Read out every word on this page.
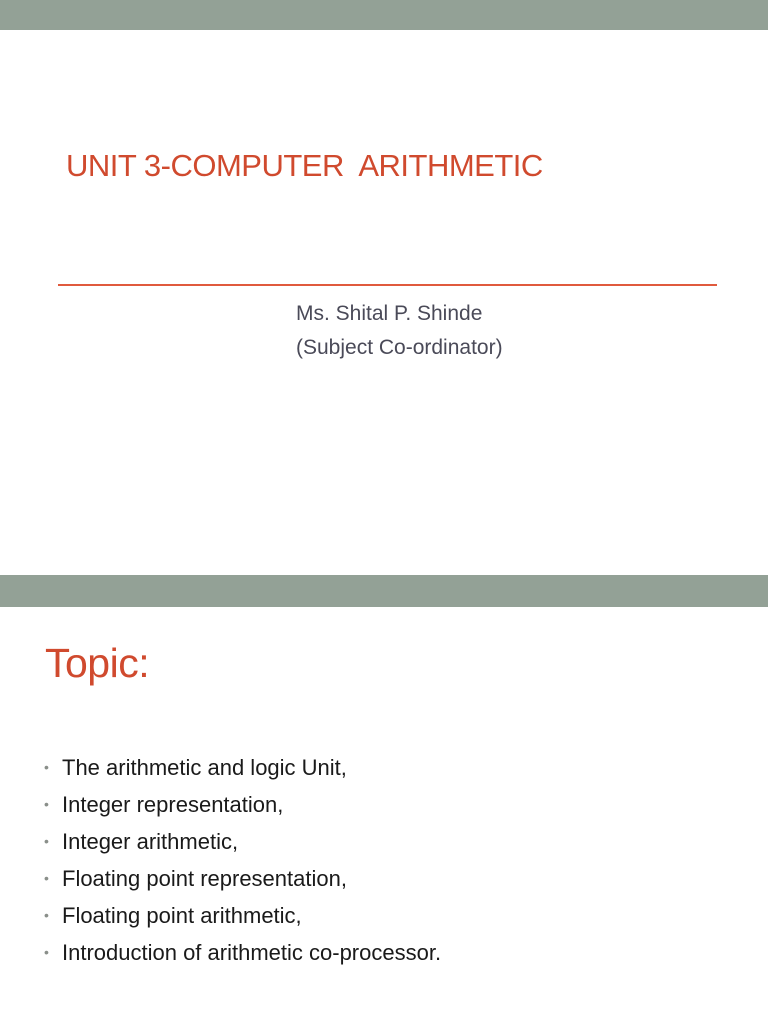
UNIT 3-COMPUTER  ARITHMETIC
Ms. Shital P. Shinde
(Subject Co-ordinator)
Topic:
• The arithmetic and logic Unit,
• Integer representation,
• Integer arithmetic,
• Floating point representation,
• Floating point arithmetic,
• Introduction of arithmetic co-processor.
